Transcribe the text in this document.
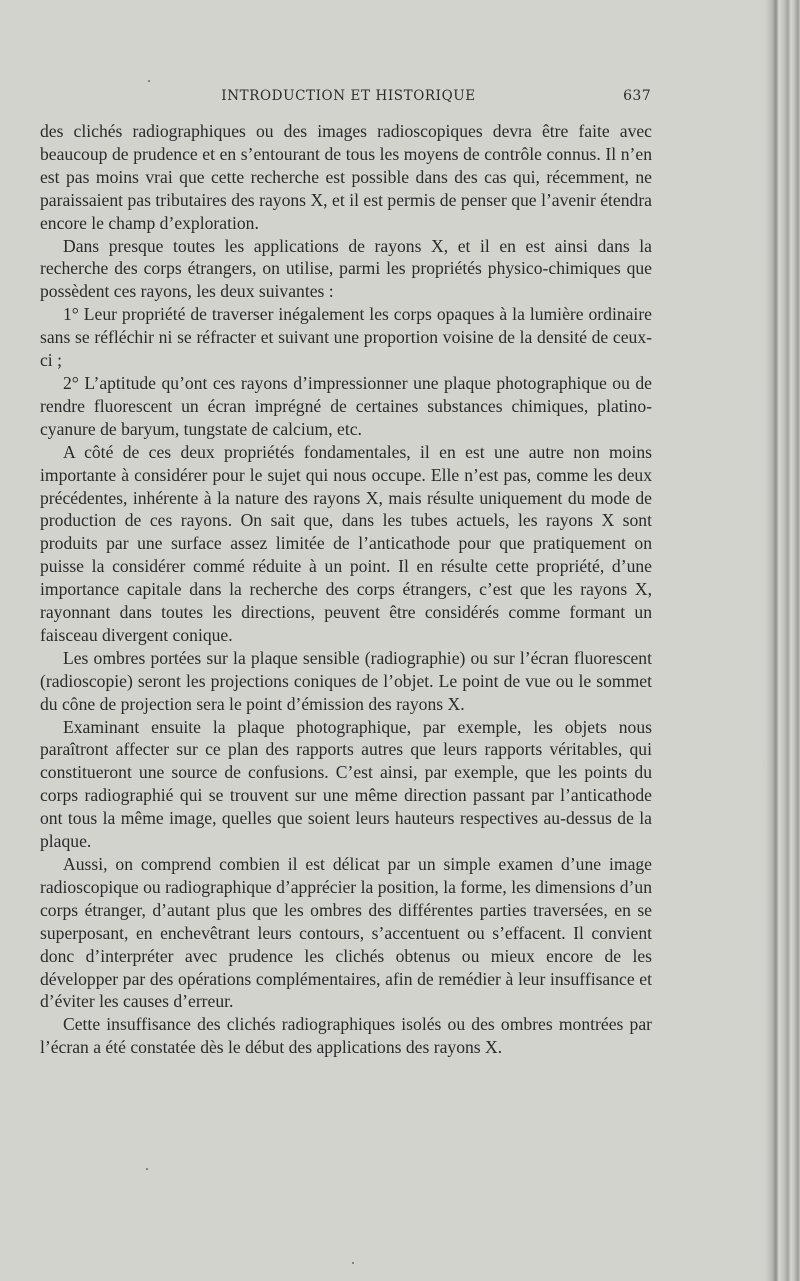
INTRODUCTION ET HISTORIQUE	637

des clichés radiographiques ou des images radioscopiques devra être faite avec beaucoup de prudence et en s’entourant de tous les moyens de contrôle connus. Il n’en est pas moins vrai que cette recherche est possible dans des cas qui, récemment, ne paraissaient pas tributaires des rayons X, et il est permis de penser que l’avenir étendra encore le champ d’exploration.

Dans presque toutes les applications de rayons X, et il en est ainsi dans la recherche des corps étrangers, on utilise, parmi les propriétés physico-chimiques que possèdent ces rayons, les deux suivantes :

1° Leur propriété de traverser inégalement les corps opaques à la lumière ordinaire sans se réfléchir ni se réfracter et suivant une proportion voisine de la densité de ceux-ci ;

2° L’aptitude qu’ont ces rayons d’impressionner une plaque photographique ou de rendre fluorescent un écran imprégné de certaines substances chimiques, platino-cyanure de baryum, tungstate de calcium, etc.

A côté de ces deux propriétés fondamentales, il en est une autre non moins importante à considérer pour le sujet qui nous occupe. Elle n’est pas, comme les deux précédentes, inhérente à la nature des rayons X, mais résulte uniquement du mode de production de ces rayons. On sait que, dans les tubes actuels, les rayons X sont produits par une surface assez limitée de l’anticathode pour que pratiquement on puisse la considérer commé réduite à un point. Il en résulte cette propriété, d’une importance capitale dans la recherche des corps étrangers, c’est que les rayons X, rayonnant dans toutes les directions, peuvent être considérés comme formant un faisceau divergent conique.

Les ombres portées sur la plaque sensible (radiographie) ou sur l’écran fluorescent (radioscopie) seront les projections coniques de l’objet. Le point de vue ou le sommet du cône de projection sera le point d’émission des rayons X.

Examinant ensuite la plaque photographique, par exemple, les objets nous paraîtront affecter sur ce plan des rapports autres que leurs rapports véritables, qui constitueront une source de confusions. C’est ainsi, par exemple, que les points du corps radiographié qui se trouvent sur une même direction passant par l’anticathode ont tous la même image, quelles que soient leurs hauteurs respectives au-dessus de la plaque.

Aussi, on comprend combien il est délicat par un simple examen d’une image radioscopique ou radiographique d’apprécier la position, la forme, les dimensions d’un corps étranger, d’autant plus que les ombres des différentes parties traversées, en se superposant, en enchevêtrant leurs contours, s’accentuent ou s’effacent. Il convient donc d’interpréter avec prudence les clichés obtenus ou mieux encore de les développer par des opérations complémentaires, afin de remédier à leur insuffisance et d’éviter les causes d’erreur.

Cette insuffisance des clichés radiographiques isolés ou des ombres montrées par l’écran a été constatée dès le début des applications des rayons X.
